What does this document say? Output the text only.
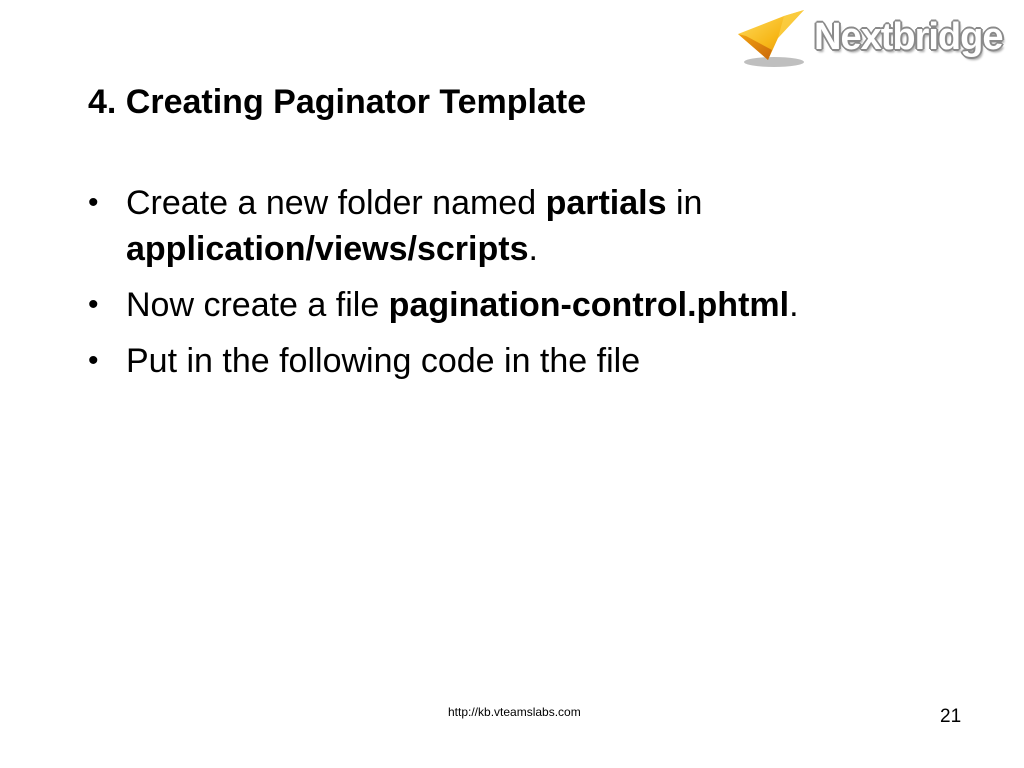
Nextbridge
4. Creating Paginator Template
• Create a new folder named partials in application/views/scripts.
• Now create a file pagination-control.phtml.
• Put in the following code in the file
http://kb.vteamslabs.com	21
